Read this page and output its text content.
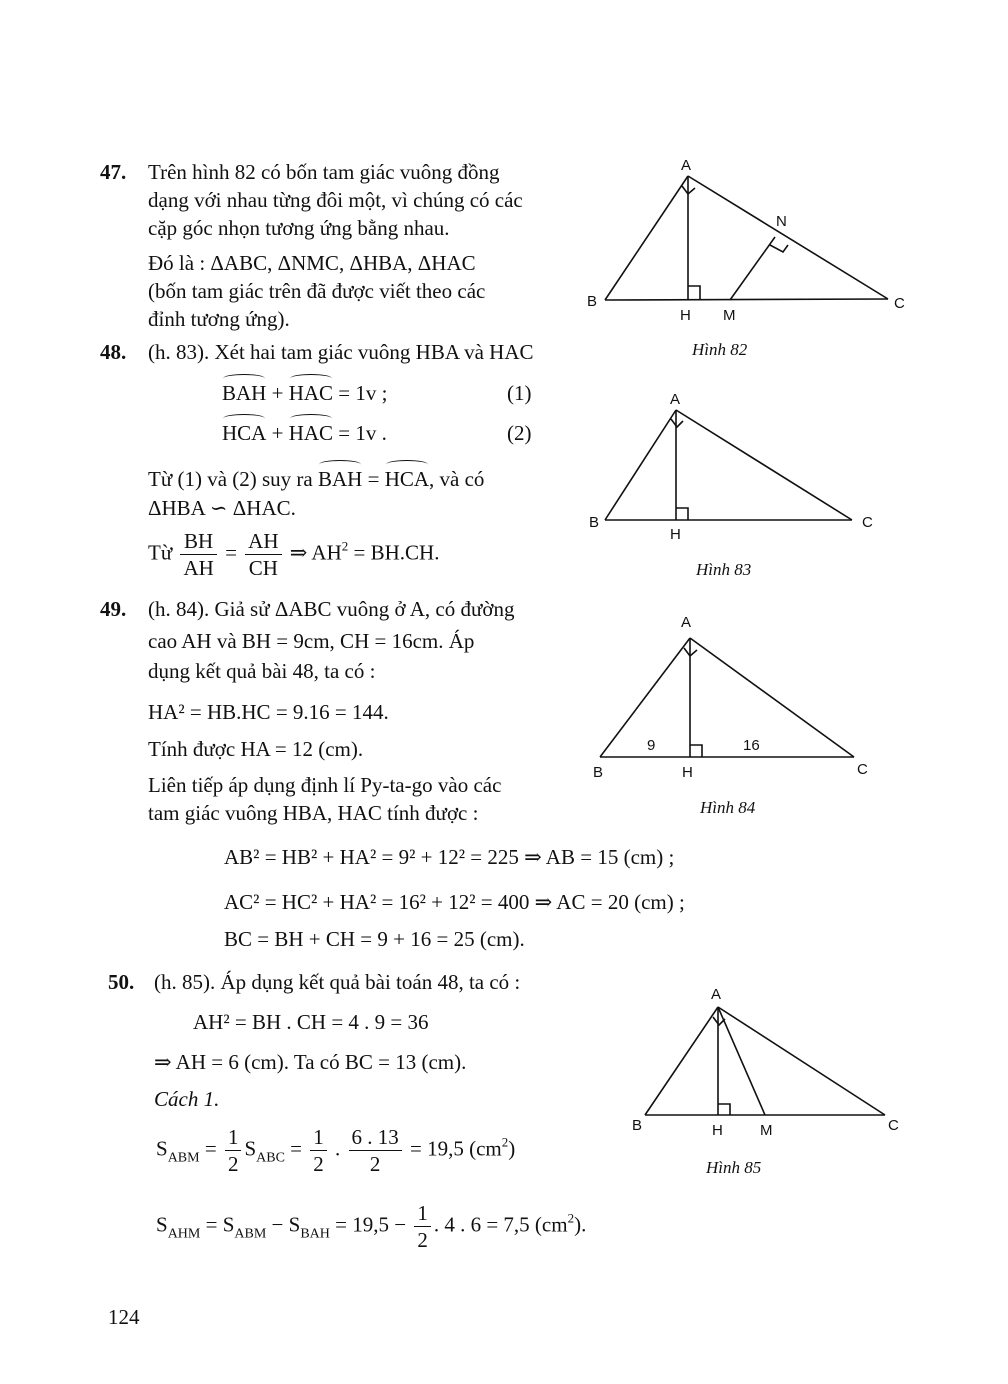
47. Trên hình 82 có bốn tam giác vuông đồng
dạng với nhau từng đôi một, vì chúng có các
cặp góc nhọn tương ứng bằng nhau.
Đó là : ΔABC, ΔNMC, ΔHBA, ΔHAC
(bốn tam giác trên đã được viết theo các
đỉnh tương ứng).
A
N
B	C
H M
Hình 82
48. (h. 83). Xét hai tam giác vuông HBA và HAC
BAH + HAC = 1v ;	(1)
HCA + HAC = 1v .	(2)
Từ (1) và (2) suy ra BAH = HCA, và có
ΔHBA ∽ ΔHAC.
Từ $\frac{BH}{AH} = \frac{AH}{CH}$ ⇒ $AH^2 = BH.CH$.
A
B	C
H
Hình 83
49. (h. 84). Giả sử ΔABC vuông ở A, có đường
cao AH và BH = 9cm, CH = 16cm. Áp
dụng kết quả bài 48, ta có :
HA² = HB.HC = 9.16 = 144.
Tính được HA = 12 (cm).
Liên tiếp áp dụng định lí Py-ta-go vào các
tam giác vuông HBA, HAC tính được :
AB² = HB² + HA² = 9² + 12² = 225 ⇒ AB = 15 (cm) ;
AC² = HC² + HA² = 16² + 12² = 400 ⇒ AC = 20 (cm) ;
BC = BH + CH = 9 + 16 = 25 (cm).
A
B	C
H
9	16
Hình 84
50. (h. 85). Áp dụng kết quả bài toán 48, ta có :
AH² = BH . CH = 4 . 9 = 36
⇒ AH = 6 (cm). Ta có BC = 13 (cm).
Cách 1.
$S_{ABM} = \frac{1}{2} S_{ABC} = \frac{1}{2}$ . $\frac{6 . 13}{2} = 19,5$ $(cm^2)$
$S_{AHM} = S_{ABM} - S_{BAH} = 19,5 - \frac{1}{2}$ . 4 . 6 = 7,5 $(cm^2)$.
A
B	C
H M
Hình 85
124
